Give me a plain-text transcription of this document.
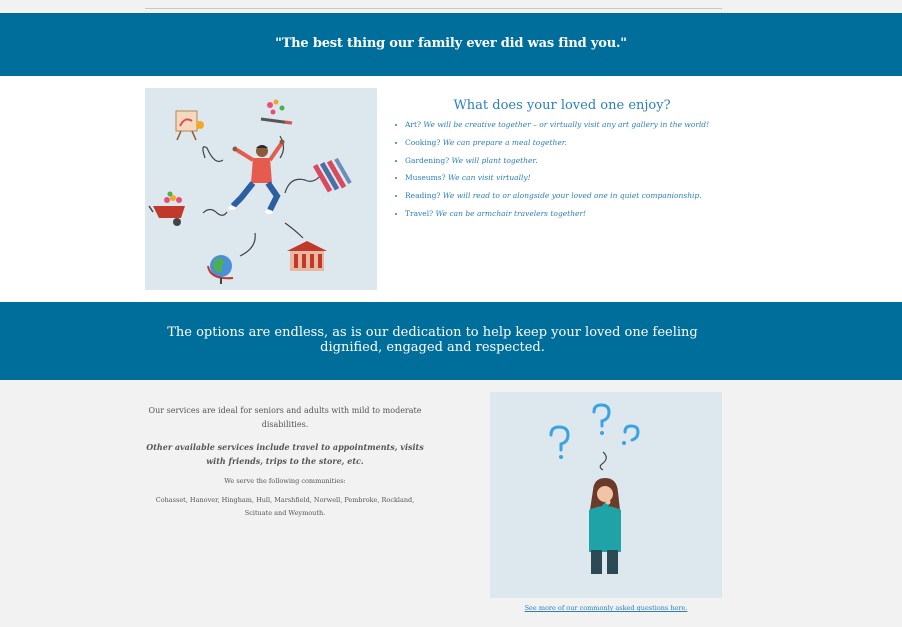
"The best thing our family ever did was find you."
What does your loved one enjoy?
Art? We will be creative together – or virtually visit any art gallery in the world!
Cooking? We can prepare a meal together.
Gardening? We will plant together.
Museums? We can visit virtually!
Reading? We will read to or alongside your loved one in quiet companionship.
Travel? We can be armchair travelers together!
The options are endless, as is our dedication to help keep your loved one feeling dignified, engaged and respected.

Our services are ideal for seniors and adults with mild to moderate disabilities.

Other available services include travel to appointments, visits with friends, trips to the store, etc.

We serve the following communities:

Cohasset, Hanover, Hingham, Hull, Marshfield, Norwell, Pembroke, Rockland, Scituate and Weymouth.

See more of our commonly asked questions here.
